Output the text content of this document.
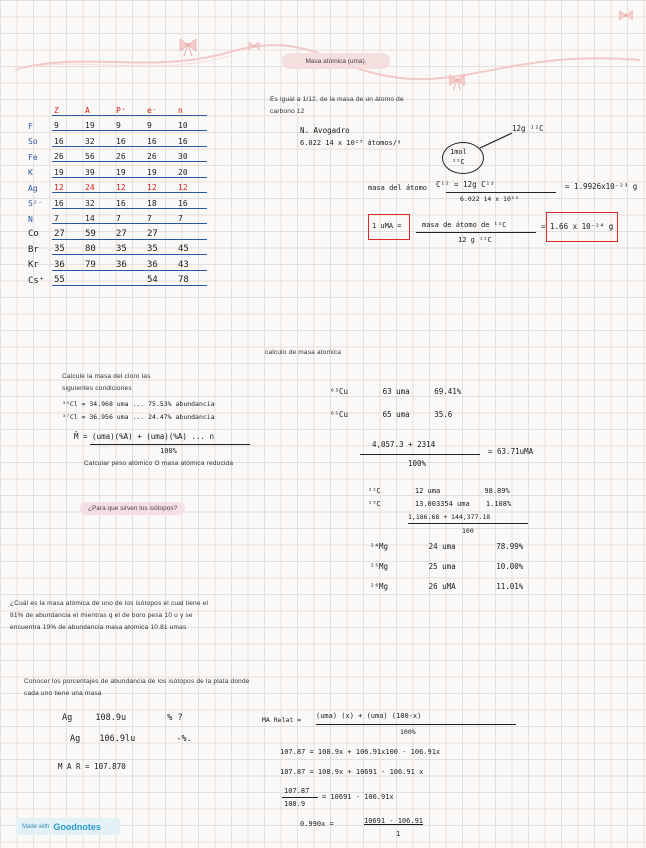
Masa atómica (uma).
Es igual a 1/12, de la masa de un átomo de
carbono 12
N. Avogadro
6.022 14 x 10²³ átomos/ᵍ
1mol
¹²C
12g ¹²C
masa del átomo C¹² = 12g C¹²
6.022 14 x 10²³
= 1.9926x10⁻²³ g
1 uMA =	masa de átomo de ¹²C
12 g ¹²C
= 1.66 x 10⁻²⁴ g
	Z	A	P⁺	e⁻	n
F	9	19	9	9	10
So	16	32	16	16	16
Fe	26	56	26	26	30
K	19	39	19	19	20
Ag	12	24	12	12	12
S²⁻	16	32	16	18	16
N	7	14	7	7	7
Co	27	59	27	27	
Br	35	80	35	35	45
Kr	36	79	36	36	43
Cs⁺	55			54	78
calculo de masa atomica
Calcule la masa del cloro las
siguientes condiciones
³⁵Cl = 34.968 uma ... 75.53% abundancia
³⁷Cl = 36.956 uma ... 24.47% abundancia
M̄ = (uma)(%A) + (uma)(%A) ... n
100%
Calcular peso atómico O masa atómica reducida
⁶³Cu	63 uma	69.41%
⁶⁵Cu	65 uma	35.6
4,057.3 + 2314
100%
= 63.71uMA
¿Para que sirven los isótopos?
¹²C	12 uma	98.89%
¹³C	13.003354 uma 1.108%
1,186.68 + 144,377.18
100
²⁴Mg	24 uma	78.99%
²⁵Mg	25 uma	10.00%
²⁶Mg	26 uMA	11.01%
¿Cuál es la masa atómica de uno de los isótopos el cual tiene el
81% de abundancia el mientras q el de boro pesa 10 u y se
encuentra 19% de abundancia masa atomica 10.81 umas
Conocer los porcentajes de abundancia de los isótopos de la plata donde
cada uno tiene una masa
Ag	108.9u	% ?
Ag 106.9lu	-%.
M A R = 107.870
MA Relat = (uma) (x) + (uma) (100-x)
100%
107.87 = 108.9x + 106.91x100 - 106.91x
107.87 = 108.9x + 10691 - 106.91 x
107.87
108.9
= 10691 - 106.91x
0.990x =	10691 - 106.91
1
Made with Goodnotes
